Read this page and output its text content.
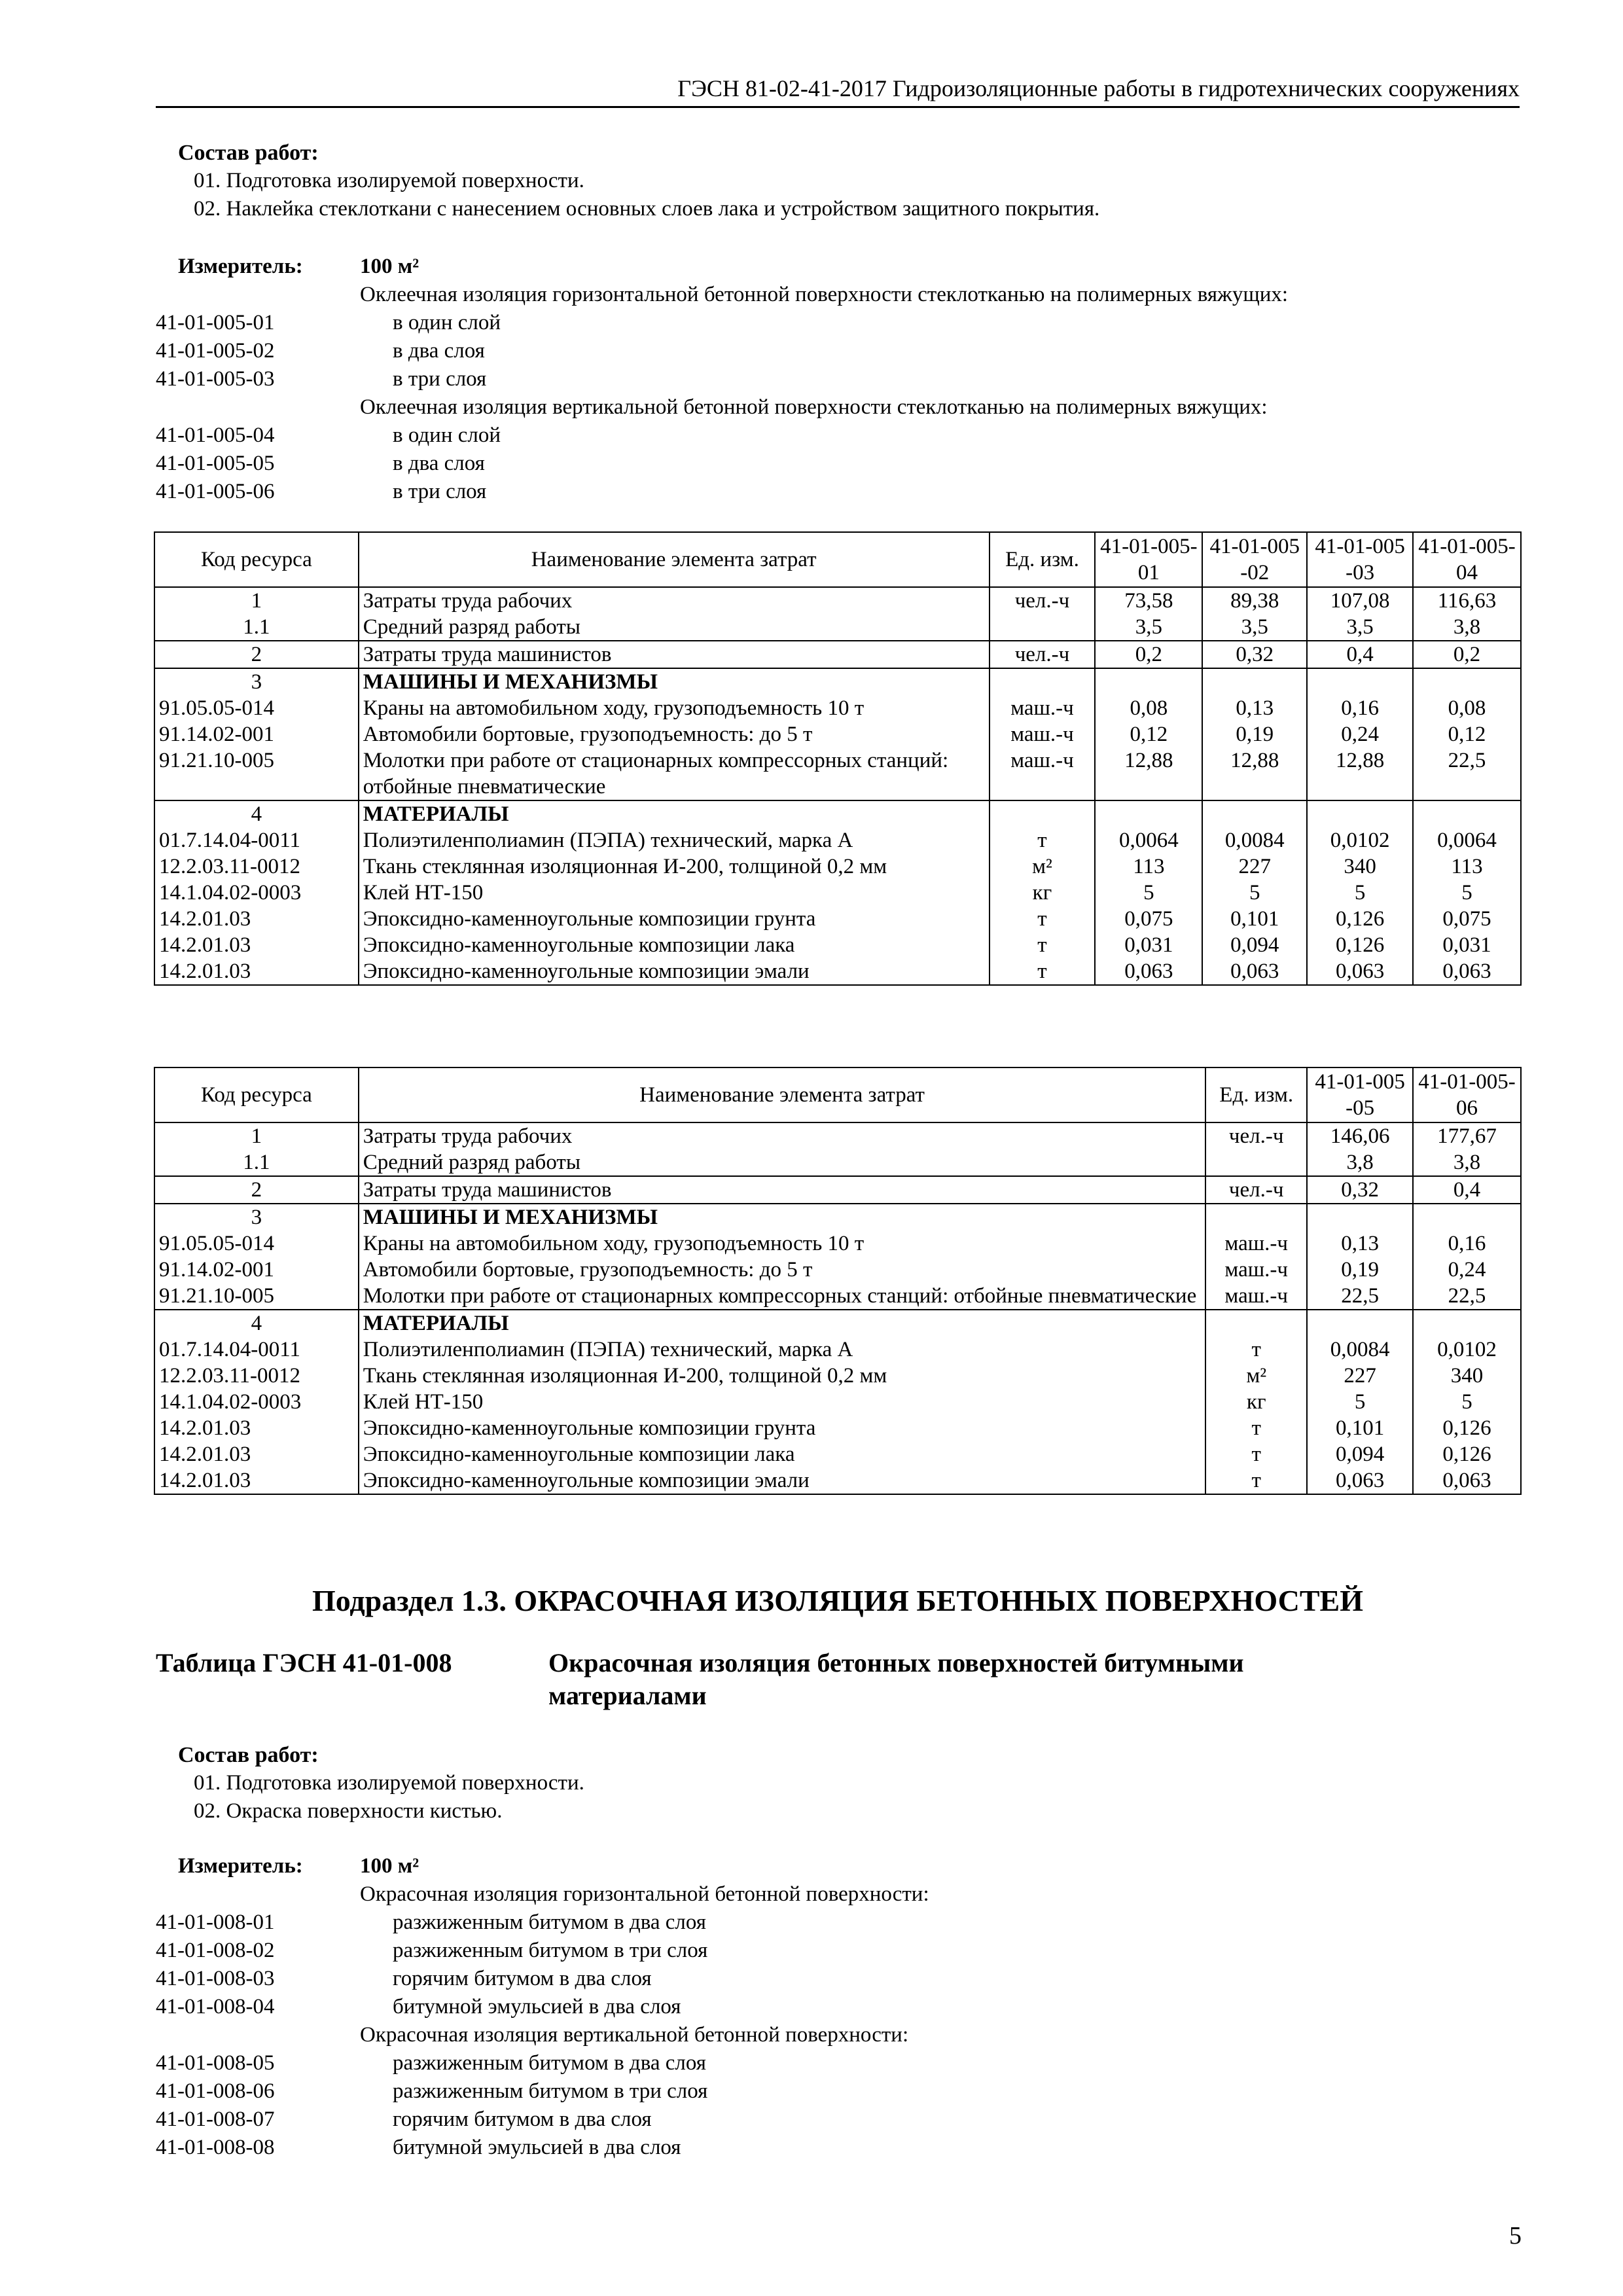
ГЭСН 81-02-41-2017 Гидроизоляционные работы в гидротехнических сооружениях
Состав работ:
01. Подготовка изолируемой поверхности.
02. Наклейка стеклоткани с нанесением основных слоев лака и устройством защитного покрытия.
Измеритель:	100 м²
Оклеечная изоляция горизонтальной бетонной поверхности стеклотканью на полимерных вяжущих:
41-01-005-01	в один слой
41-01-005-02	в два слоя
41-01-005-03	в три слоя
Оклеечная изоляция вертикальной бетонной поверхности стеклотканью на полимерных вяжущих:
41-01-005-04	в один слой
41-01-005-05	в два слоя
41-01-005-06	в три слоя
Код ресурса	Наименование элемента затрат	Ед. изм.	41-01-005-01	41-01-005-02	41-01-005-03	41-01-005-04
1	Затраты труда рабочих	чел.-ч	73,58	89,38	107,08	116,63
1.1	Средний разряд работы		3,5	3,5	3,5	3,8
2	Затраты труда машинистов	чел.-ч	0,2	0,32	0,4	0,2
3	МАШИНЫ И МЕХАНИЗМЫ					
91.05.05-014	Краны на автомобильном ходу, грузоподъемность 10 т	маш.-ч	0,08	0,13	0,16	0,08
91.14.02-001	Автомобили бортовые, грузоподъемность: до 5 т	маш.-ч	0,12	0,19	0,24	0,12
91.21.10-005	Молотки при работе от стационарных компрессорных станций: отбойные пневматические	маш.-ч	12,88	12,88	12,88	22,5
4	МАТЕРИАЛЫ					
01.7.14.04-0011	Полиэтиленполиамин (ПЭПА) технический, марка А	т	0,0064	0,0084	0,0102	0,0064
12.2.03.11-0012	Ткань стеклянная изоляционная И-200, толщиной 0,2 мм	м²	113	227	340	113
14.1.04.02-0003	Клей НТ-150	кг	5	5	5	5
14.2.01.03	Эпоксидно-каменноугольные композиции грунта	т	0,075	0,101	0,126	0,075
14.2.01.03	Эпоксидно-каменноугольные композиции лака	т	0,031	0,094	0,126	0,031
14.2.01.03	Эпоксидно-каменноугольные композиции эмали	т	0,063	0,063	0,063	0,063
Код ресурса	Наименование элемента затрат	Ед. изм.	41-01-005-05	41-01-005-06
1	Затраты труда рабочих	чел.-ч	146,06	177,67
1.1	Средний разряд работы		3,8	3,8
2	Затраты труда машинистов	чел.-ч	0,32	0,4
3	МАШИНЫ И МЕХАНИЗМЫ			
91.05.05-014	Краны на автомобильном ходу, грузоподъемность 10 т	маш.-ч	0,13	0,16
91.14.02-001	Автомобили бортовые, грузоподъемность: до 5 т	маш.-ч	0,19	0,24
91.21.10-005	Молотки при работе от стационарных компрессорных станций: отбойные пневматические	маш.-ч	22,5	22,5
4	МАТЕРИАЛЫ			
01.7.14.04-0011	Полиэтиленполиамин (ПЭПА) технический, марка А	т	0,0084	0,0102
12.2.03.11-0012	Ткань стеклянная изоляционная И-200, толщиной 0,2 мм	м²	227	340
14.1.04.02-0003	Клей НТ-150	кг	5	5
14.2.01.03	Эпоксидно-каменноугольные композиции грунта	т	0,101	0,126
14.2.01.03	Эпоксидно-каменноугольные композиции лака	т	0,094	0,126
14.2.01.03	Эпоксидно-каменноугольные композиции эмали	т	0,063	0,063
Подраздел 1.3. ОКРАСОЧНАЯ ИЗОЛЯЦИЯ БЕТОННЫХ ПОВЕРХНОСТЕЙ
Таблица ГЭСН 41-01-008	Окрасочная изоляция бетонных поверхностей битумными материалами
Состав работ:
01. Подготовка изолируемой поверхности.
02. Окраска поверхности кистью.
Измеритель:	100 м²
Окрасочная изоляция горизонтальной бетонной поверхности:
41-01-008-01	разжиженным битумом в два слоя
41-01-008-02	разжиженным битумом в три слоя
41-01-008-03	горячим битумом в два слоя
41-01-008-04	битумной эмульсией в два слоя
Окрасочная изоляция вертикальной бетонной поверхности:
41-01-008-05	разжиженным битумом в два слоя
41-01-008-06	разжиженным битумом в три слоя
41-01-008-07	горячим битумом в два слоя
41-01-008-08	битумной эмульсией в два слоя
5
